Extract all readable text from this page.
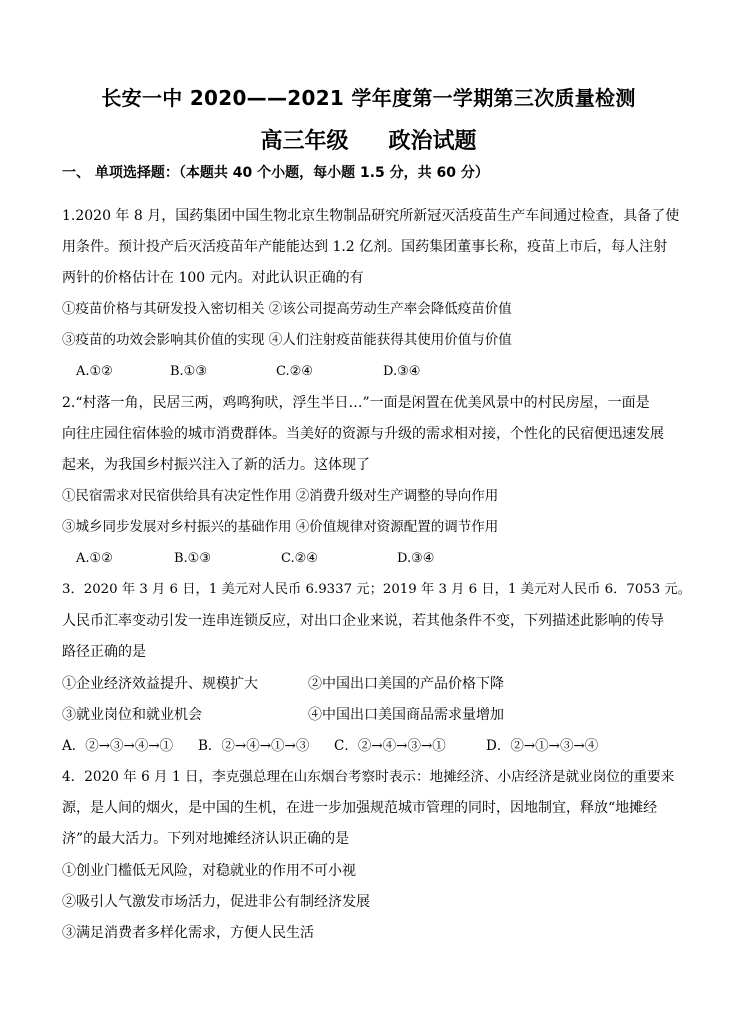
长安一中 2020——2021 学年度第一学期第三次质量检测
高三年级 政治试题
一、 单项选择题：（本题共 40 个小题，每小题 1.5 分，共 60 分）
1.2020 年 8 月，国药集团中国生物北京生物制品研究所新冠灭活疫苗生产车间通过检查，具备了使
用条件。预计投产后灭活疫苗年产能能达到 1.2 亿剂。国药集团董事长称，疫苗上市后，每人注射
两针的价格估计在 100 元内。对此认识正确的有
①疫苗价格与其研发投入密切相关 ②该公司提高劳动生产率会降低疫苗价值
③疫苗的功效会影响其价值的实现 ④人们注射疫苗能获得其使用价值与价值
A.①②	B.①③	C.②④	D.③④
2.“村落一角，民居三两，鸡鸣狗吠，浮生半日…”一面是闲置在优美风景中的村民房屋，一面是
向往庄园住宿体验的城市消费群体。当美好的资源与升级的需求相对接，个性化的民宿便迅速发展
起来，为我国乡村振兴注入了新的活力。这体现了
①民宿需求对民宿供给具有决定性作用 ②消费升级对生产调整的导向作用
③城乡同步发展对乡村振兴的基础作用 ④价值规律对资源配置的调节作用
A.①②	B.①③	C.②④	D.③④
3．2020 年 3 月 6 日，1 美元对人民币 6.9337 元；2019 年 3 月 6 日，1 美元对人民币 6．7053 元。
人民币汇率变动引发一连串连锁反应，对出口企业来说，若其他条件不变，下列描述此影响的传导
路径正确的是
①企业经济效益提升、规模扩大	②中国出口美国的产品价格下降
③就业岗位和就业机会	④中国出口美国商品需求量增加
A．②→③→④→① B．②→④→①→③ C．②→④→③→①	D．②→①→③→④
4．2020 年 6 月 1 日，李克强总理在山东烟台考察时表示：地摊经济、小店经济是就业岗位的重要来
源，是人间的烟火，是中国的生机，在进一步加强规范城市管理的同时，因地制宜，释放“地摊经
济”的最大活力。下列对地摊经济认识正确的是
①创业门槛低无风险，对稳就业的作用不可小视
②吸引人气激发市场活力，促进非公有制经济发展
③满足消费者多样化需求，方便人民生活
